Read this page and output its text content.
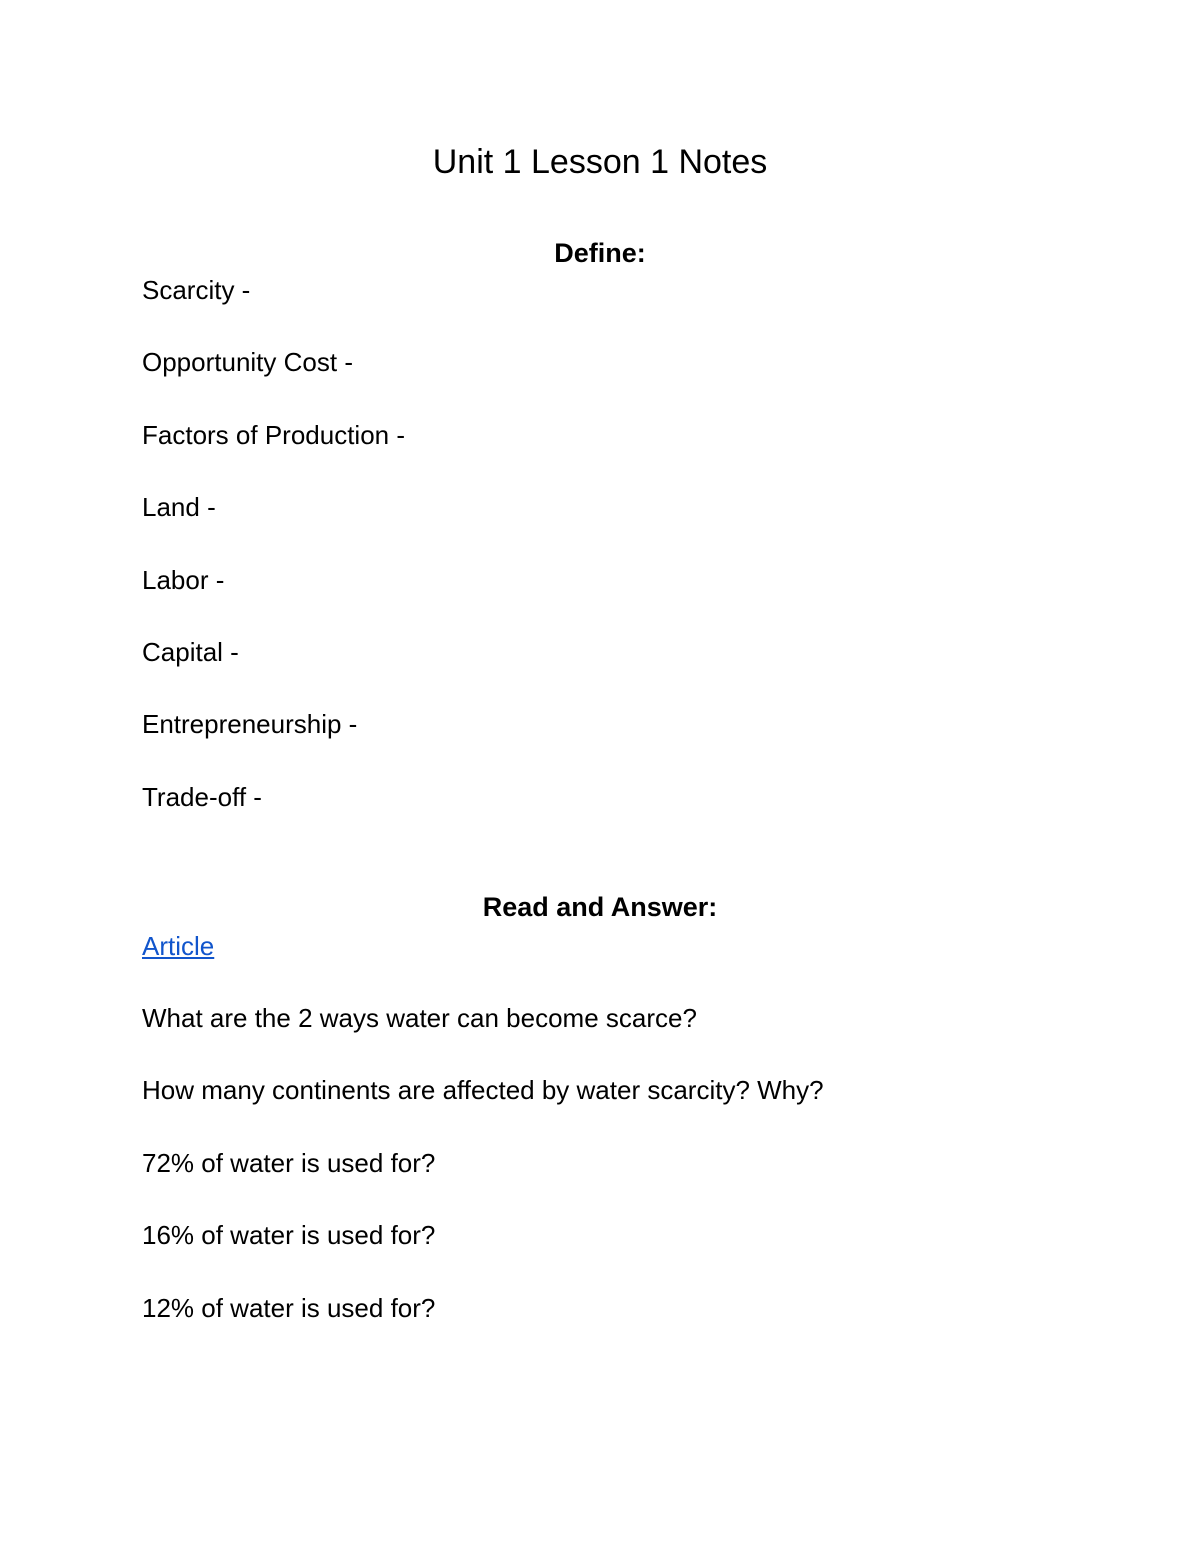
Unit 1 Lesson 1 Notes
Define:

Scarcity -

Opportunity Cost -

Factors of Production -

Land -

Labor -

Capital -

Entrepreneurship -

Trade-off -

Read and Answer:
Article

What are the 2 ways water can become scarce?

How many continents are affected by water scarcity? Why?

72% of water is used for?

16% of water is used for?

12% of water is used for?
